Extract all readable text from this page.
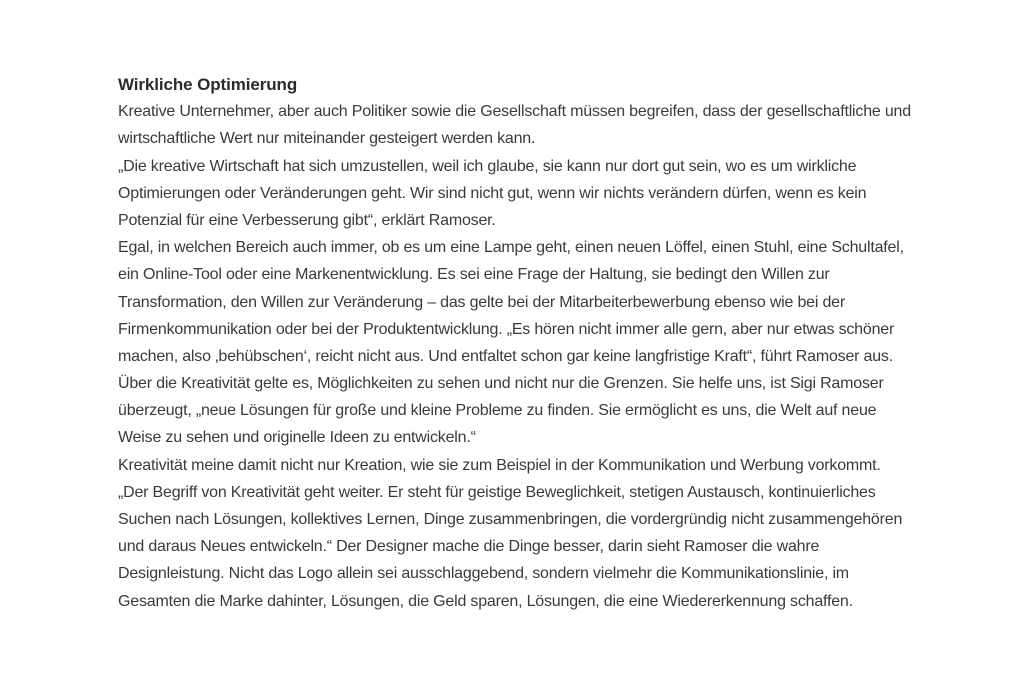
Wirkliche Optimierung

Kreative Unternehmer, aber auch Politiker sowie die Gesellschaft müssen begreifen, dass der gesellschaftliche und

wirtschaftliche Wert nur miteinander gesteigert werden kann.

„Die kreative Wirtschaft hat sich umzustellen, weil ich glaube, sie kann nur dort gut sein, wo es um wirkliche

Optimierungen oder Veränderungen geht. Wir sind nicht gut, wenn wir nichts verändern dürfen, wenn es kein

Potenzial für eine Verbesserung gibt“, erklärt Ramoser.

Egal, in welchen Bereich auch immer, ob es um eine Lampe geht, einen neuen Löffel, einen Stuhl, eine Schultafel,

ein Online-Tool oder eine Markenentwicklung. Es sei eine Frage der Haltung, sie bedingt den Willen zur

Transformation, den Willen zur Veränderung – das gelte bei der Mitarbeiterbewerbung ebenso wie bei der

Firmenkommunikation oder bei der Produktentwicklung. „Es hören nicht immer alle gern, aber nur etwas schöner

machen, also ‚behübschen‘, reicht nicht aus. Und entfaltet schon gar keine langfristige Kraft“, führt Ramoser aus.

Über die Kreativität gelte es, Möglichkeiten zu sehen und nicht nur die Grenzen. Sie helfe uns, ist Sigi Ramoser

überzeugt, „neue Lösungen für große und kleine Probleme zu finden. Sie ermöglicht es uns, die Welt auf neue

Weise zu sehen und originelle Ideen zu entwickeln.“

Kreativität meine damit nicht nur Kreation, wie sie zum Beispiel in der Kommunikation und Werbung vorkommt.

„Der Begriff von Kreativität geht weiter. Er steht für geistige Beweglichkeit, stetigen Austausch, kontinuierliches

Suchen nach Lösungen, kollektives Lernen, Dinge zusammenbringen, die vordergründig nicht zusammengehören

und daraus Neues entwickeln.“ Der Designer mache die Dinge besser, darin sieht Ramoser die wahre

Designleistung. Nicht das Logo allein sei ausschlaggebend, sondern vielmehr die Kommunikationslinie, im

Gesamten die Marke dahinter, Lösungen, die Geld sparen, Lösungen, die eine Wiedererkennung schaffen.
